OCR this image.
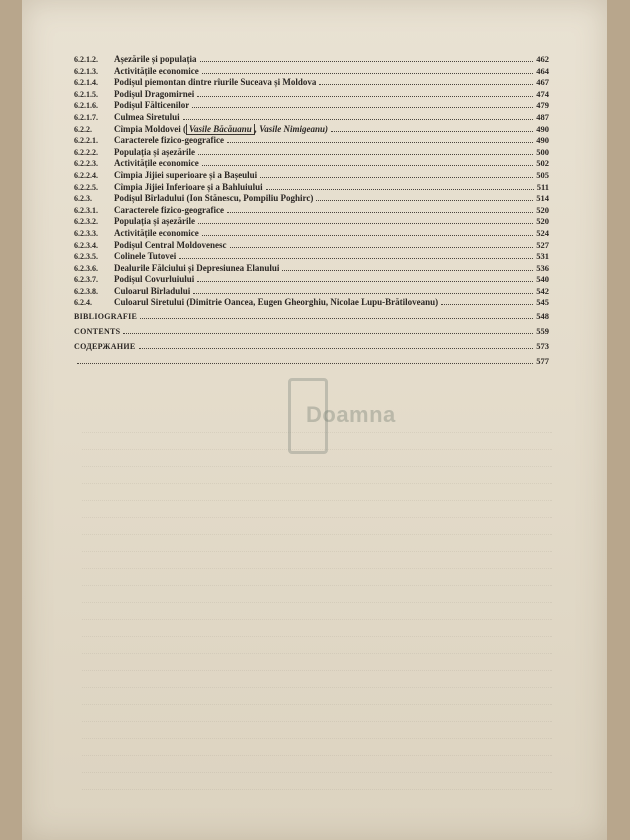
6.2.1.2.	Așezările și populația	462
6.2.1.3.	Activitățile economice	464
6.2.1.4.	Podișul piemontan dintre rîurile Suceava și Moldova	467
6.2.1.5.	Podișul Dragomirnei	474
6.2.1.6.	Podișul Fălticenilor	479
6.2.1.7.	Culmea Siretului	487
6.2.2.	Cîmpia Moldovei ( Vasile Băcăuanu , Vasile Nimigeanu)	490
6.2.2.1.	Caracterele fizico-geografice	490
6.2.2.2.	Populația și așezările	500
6.2.2.3.	Activitățile economice	502
6.2.2.4.	Cîmpia Jijiei superioare și a Bașeului	505
6.2.2.5.	Cîmpia Jijiei Inferioare și a Bahluiului	511
6.2.3.	Podișul Bîrladului (Ion Stănescu, Pompiliu Poghirc)	514
6.2.3.1.	Caracterele fizico-geografice	520
6.2.3.2.	Populația și așezările	520
6.2.3.3.	Activitățile economice	524
6.2.3.4.	Podișul Central Moldovenesc	527
6.2.3.5.	Colinele Tutovei	531
6.2.3.6.	Dealurile Fălciului și Depresiunea Elanului	536
6.2.3.7.	Podișul Covurluiului	540
6.2.3.8.	Culoarul Bîrladului	542
6.2.4.	Culoarul Siretului (Dimitrie Oancea, Eugen Gheorghiu, Nicolae Lupu-Brătiloveanu)	545
BIBLIOGRAFIE	548
CONTENTS	559
СОДЕРЖАНИЕ	573
577
Doamna
